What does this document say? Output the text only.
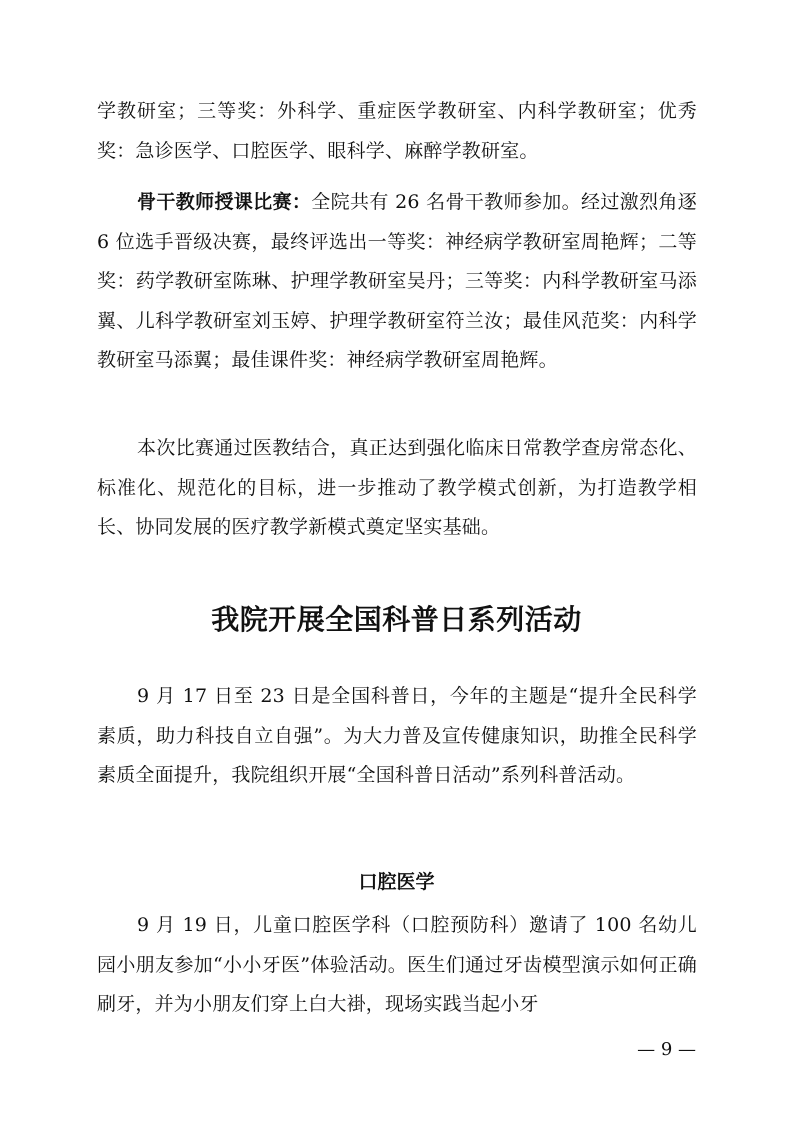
学教研室；三等奖：外科学、重症医学教研室、内科学教研室；优秀奖：急诊医学、口腔医学、眼科学、麻醉学教研室。

骨干教师授课比赛：全院共有 26 名骨干教师参加。经过激烈角逐 6 位选手晋级决赛，最终评选出一等奖：神经病学教研室周艳辉；二等奖：药学教研室陈琳、护理学教研室吴丹；三等奖：内科学教研室马添翼、儿科学教研室刘玉婷、护理学教研室符兰汝；最佳风范奖：内科学教研室马添翼；最佳课件奖：神经病学教研室周艳辉。

本次比赛通过医教结合，真正达到强化临床日常教学查房常态化、标准化、规范化的目标，进一步推动了教学模式创新，为打造教学相长、协同发展的医疗教学新模式奠定坚实基础。

我院开展全国科普日系列活动

9 月 17 日至 23 日是全国科普日，今年的主题是“提升全民科学素质，助力科技自立自强”。为大力普及宣传健康知识，助推全民科学素质全面提升，我院组织开展“全国科普日活动”系列科普活动。

口腔医学

9 月 19 日，儿童口腔医学科（口腔预防科）邀请了 100 名幼儿园小朋友参加“小小牙医”体验活动。医生们通过牙齿模型演示如何正确刷牙，并为小朋友们穿上白大褂，现场实践当起小牙

— 9 —
